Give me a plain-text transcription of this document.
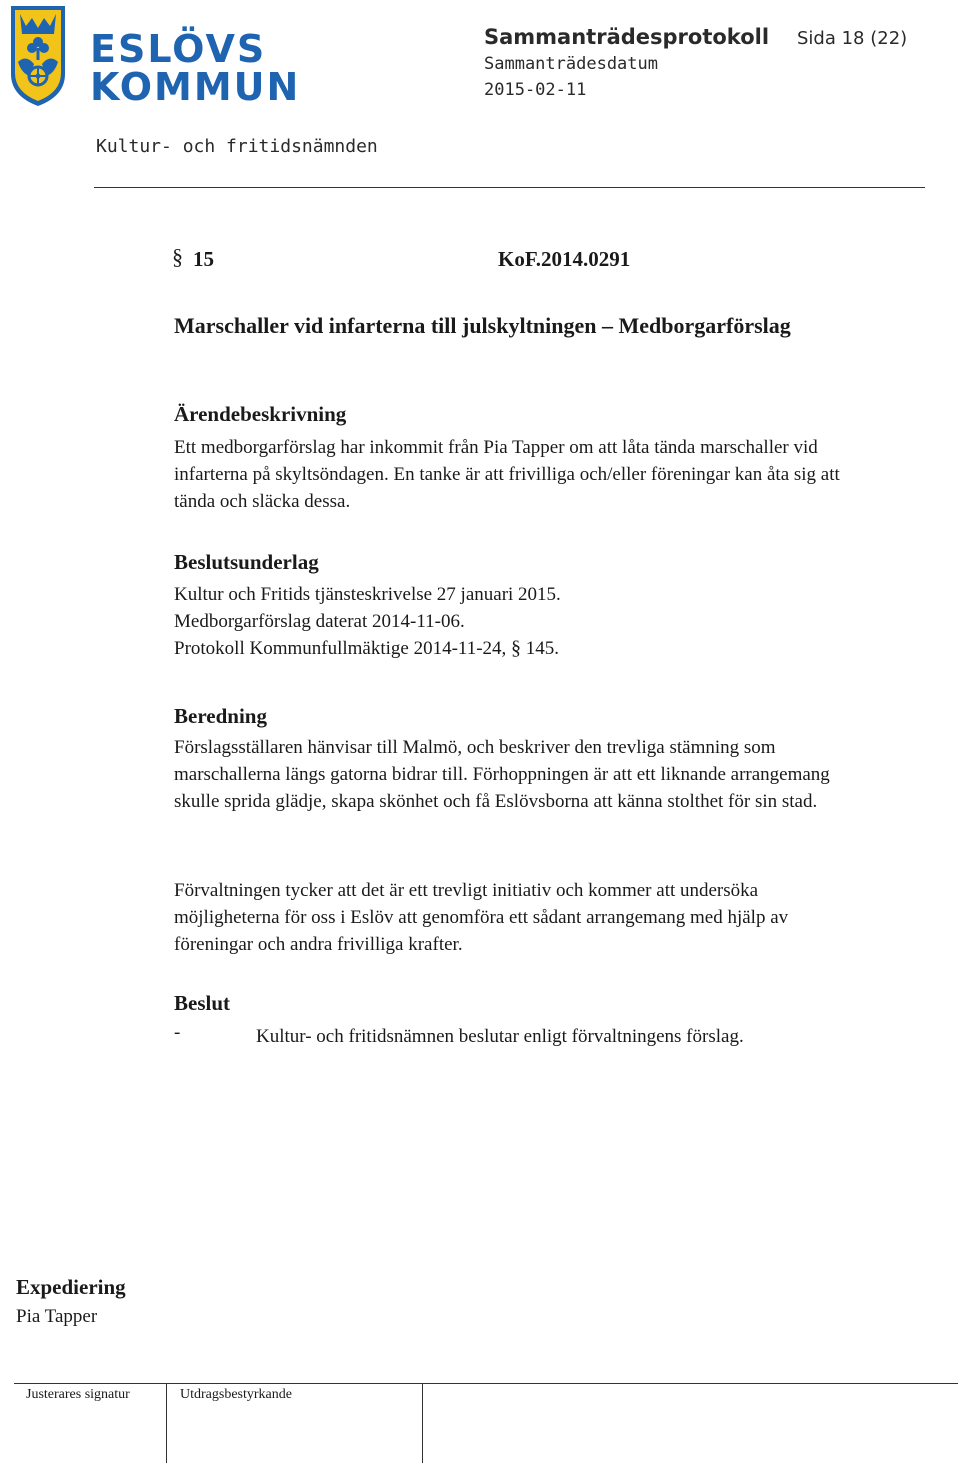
ESLÖVS
KOMMUN
Sammanträdesprotokoll Sida 18 (22)
Sammanträdesdatum
2015-02-11
Kultur- och fritidsnämnden
§ 15	KoF.2014.0291
Marschaller vid infarterna till julskyltningen – Medborgarförslag
Ärendebeskrivning
Ett medborgarförslag har inkommit från Pia Tapper om att låta tända marschaller vid infarterna på skyltsöndagen. En tanke är att frivilliga och/eller föreningar kan åta sig att tända och släcka dessa.
Beslutsunderlag
Kultur och Fritids tjänsteskrivelse 27 januari 2015.
Medborgarförslag daterat 2014-11-06.
Protokoll Kommunfullmäktige 2014-11-24, § 145.
Beredning
Förslagsställaren hänvisar till Malmö, och beskriver den trevliga stämning som marschallerna längs gatorna bidrar till. Förhoppningen är att ett liknande arrangemang skulle sprida glädje, skapa skönhet och få Eslövsborna att känna stolthet för sin stad.
Förvaltningen tycker att det är ett trevligt initiativ och kommer att undersöka möjligheterna för oss i Eslöv att genomföra ett sådant arrangemang med hjälp av föreningar och andra frivilliga krafter.
Beslut
-	Kultur- och fritidsnämnen beslutar enligt förvaltningens förslag.
Expediering
Pia Tapper
Justerares signatur	Utdragsbestyrkande
